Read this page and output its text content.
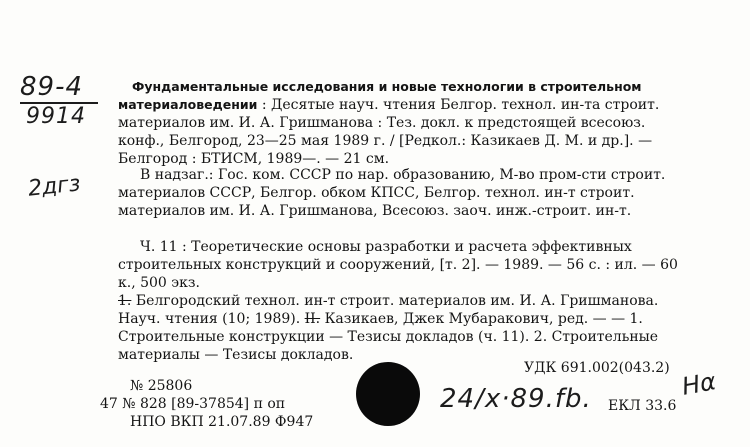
89-4
9914
2дгз
Фундаментальные исследования и новые технологии в строительном материаловедении : Десятые науч. чтения Белгор. технол. ин-та строит. материалов им. И. А. Гришманова : Тез. докл. к предстоящей всесоюз. конф., Белгород, 23—25 мая 1989 г. / [Редкол.: Казикаев Д. М. и др.]. — Белгород : БТИСМ, 1989—. — 21 см.
В надзаг.: Гос. ком. СССР по нар. образованию, М-во пром-сти строит. материалов СССР, Белгор. обком КПСС, Белгор. технол. ин-т строит. материалов им. И. А. Гришманова, Всесоюз. заоч. инж.-строит. ин-т.
Ч. 11 : Теоретические основы разработки и расчета эффективных строительных конструкций и сооружений, [т. 2]. — 1989. — 56 с. : ил. — 60 к., 500 экз.
1. Белгородский технол. ин-т строит. материалов им. И. А. Гришманова. Науч. чтения (10; 1989). II. Казикаев, Джек Мубаракович, ред. — — 1. Строительные конструкции — Тезисы докладов (ч. 11). 2. Строительные материалы — Тезисы докладов.
УДК 691.002(043.2)
№ 25806
47 № 828 [89-37854] п оп
НПО ВКП 21.07.89 Ф947
24/x·89.fb. ЕКЛ 33.6
Нα
